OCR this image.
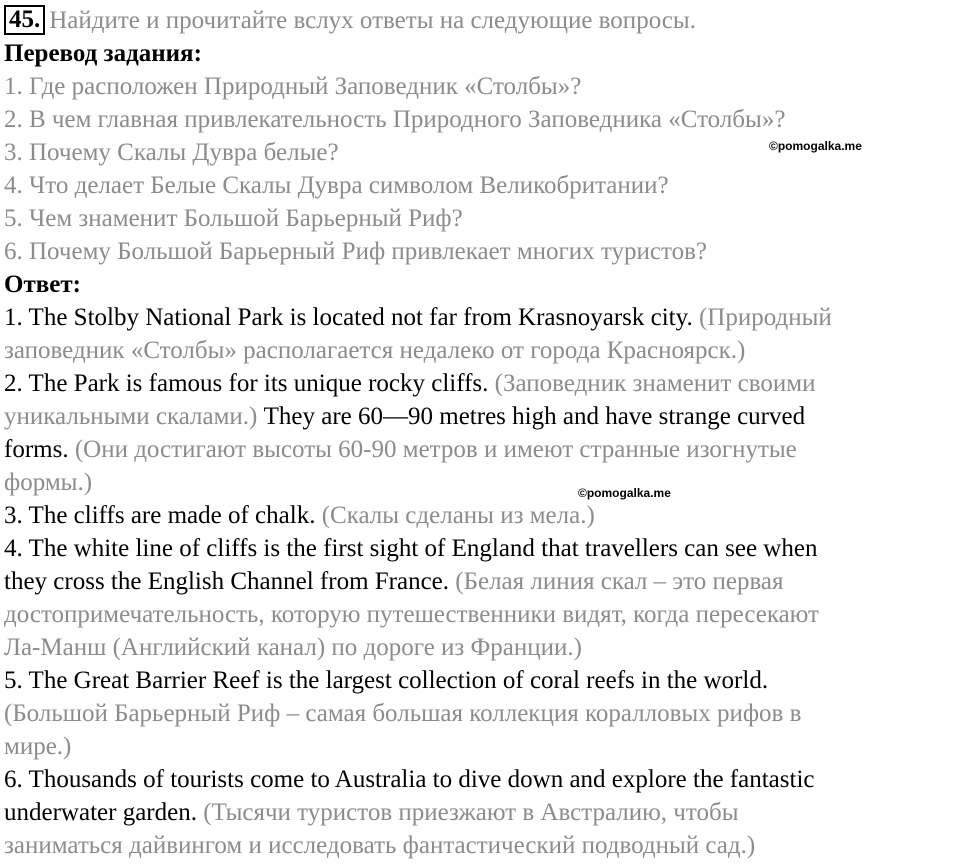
45. Найдите и прочитайте вслух ответы на следующие вопросы.
Перевод задания:
1. Где расположен Природный Заповедник «Столбы»?
2. В чем главная привлекательность Природного Заповедника «Столбы»?
3. Почему Скалы Дувра белые?
4. Что делает Белые Скалы Дувра символом Великобритании?
5. Чем знаменит Большой Барьерный Риф?
6. Почему Большой Барьерный Риф привлекает многих туристов?
Ответ:
1. The Stolby National Park is located not far from Krasnoyarsk city. (Природный
заповедник «Столбы» располагается недалеко от города Красноярск.)
2. The Park is famous for its unique rocky cliffs. (Заповедник знаменит своими
уникальными скалами.) They are 60—90 metres high and have strange curved
forms. (Они достигают высоты 60-90 метров и имеют странные изогнутые
формы.)
3. The cliffs are made of chalk. (Скалы сделаны из мела.)
4. The white line of cliffs is the first sight of England that travellers can see when
they cross the English Channel from France. (Белая линия скал – это первая
достопримечательность, которую путешественники видят, когда пересекают
Ла-Манш (Английский канал) по дороге из Франции.)
5. The Great Barrier Reef is the largest collection of coral reefs in the world.
(Большой Барьерный Риф – самая большая коллекция коралловых рифов в
мире.)
6. Thousands of tourists come to Australia to dive down and explore the fantastic
underwater garden. (Тысячи туристов приезжают в Австралию, чтобы
заниматься дайвингом и исследовать фантастический подводный сад.)
©pomogalka.me
©pomogalka.me
